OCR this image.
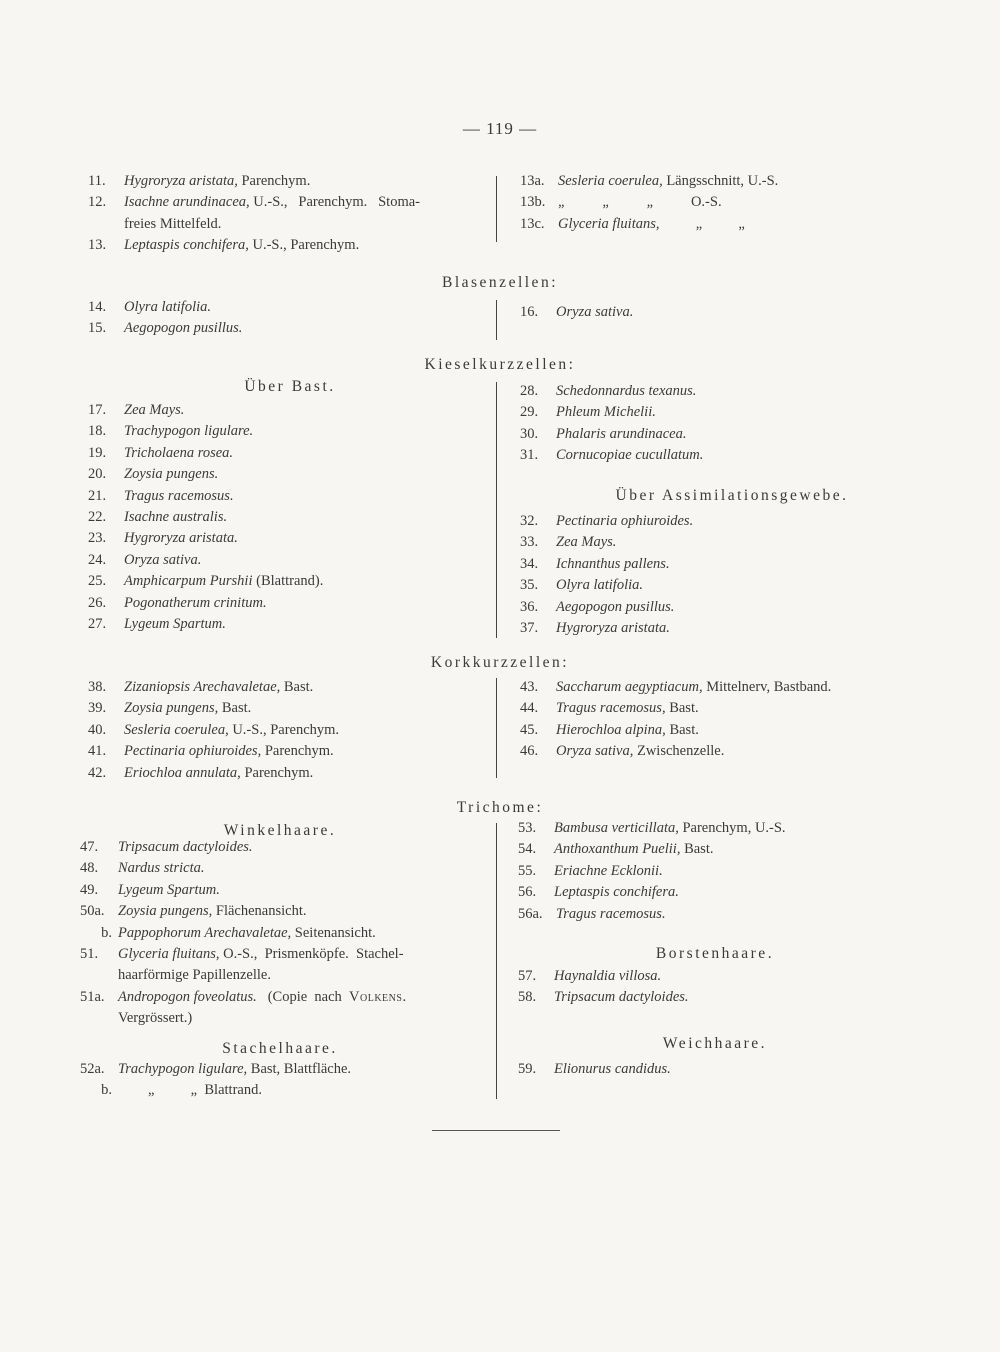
— 119 —
11.	Hygroryza aristata, Parenchym.
12.	Isachne arundinacea, U.-S.,   Parenchym.   Stoma-
freies Mittelfeld.
13.	Leptaspis conchifera, U.-S., Parenchym.
13a. Sesleria coerulea, Längsschnitt, U.-S.
13b. „          „          „ O.-S.
13c. Glyceria fluitans, „          „
Blasenzellen:
14.	Olyra latifolia.
15.	Aegopogon pusillus.
16.	Oryza sativa.
Kieselkurzzellen:
Über Bast.
17.	Zea Mays.
18.	Trachypogon ligulare.
19.	Tricholaena rosea.
20.	Zoysia pungens.
21.	Tragus racemosus.
22.	Isachne australis.
23.	Hygroryza aristata.
24.	Oryza sativa.
25.	Amphicarpum Purshii (Blattrand).
26.	Pogonatherum crinitum.
27.	Lygeum Spartum.
28.	Schedonnardus texanus.
29.	Phleum Michelii.
30.	Phalaris arundinacea.
31.	Cornucopiae cucullatum.
Über Assimilationsgewebe.
32.	Pectinaria ophiuroides.
33.	Zea Mays.
34.	Ichnanthus pallens.
35.	Olyra latifolia.
36.	Aegopogon pusillus.
37.	Hygroryza aristata.
Korkkurzzellen:
38.	Zizaniopsis Arechavaletae, Bast.
39.	Zoysia pungens, Bast.
40.	Sesleria coerulea, U.-S., Parenchym.
41.	Pectinaria ophiuroides, Parenchym.
42.	Eriochloa annulata, Parenchym.
43.	Saccharum aegyptiacum, Mittelnerv, Bastband.
44.	Tragus racemosus, Bast.
45.	Hierochloa alpina, Bast.
46.	Oryza sativa, Zwischenzelle.
Trichome:
Winkelhaare.
47.	Tripsacum dactyloides.
48.	Nardus stricta.
49.	Lygeum Spartum.
50a. Zoysia pungens, Flächenansicht.
b. Pappophorum Arechavaletae, Seitenansicht.
51.	Glyceria fluitans, O.-S.,  Prismenköpfe.  Stachel-
haarförmige Papillenzelle.
51a. Andropogon foveolatus. (Copie  nach Volkens.
Vergrössert.)
Stachelhaare.
52a. Trachypogon ligulare, Bast, Blattfläche.
b.	„          „ Blattrand.
53.	Bambusa verticillata, Parenchym, U.-S.
54.	Anthoxanthum Puelii, Bast.
55.	Eriachne Ecklonii.
56.	Leptaspis conchifera.
56a. Tragus racemosus.
Borstenhaare.
57.	Haynaldia villosa.
58.	Tripsacum dactyloides.
Weichhaare.
59.	Elionurus candidus.
